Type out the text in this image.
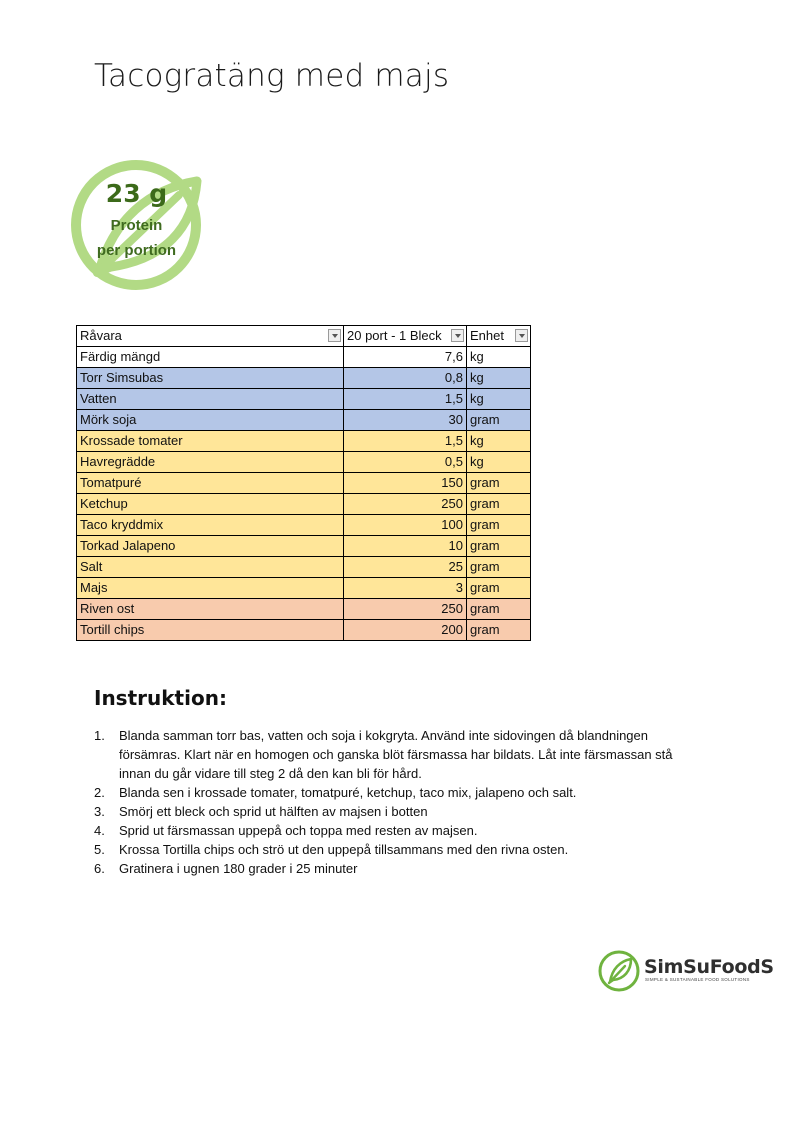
Tacogratäng med majs
23 g
Protein
per portion
Råvara	20 port - 1 Bleck	Enhet

Färdig mängd	7,6	kg
Torr Simsubas	0,8	kg
Vatten	1,5	kg
Mörk soja	30	gram
Krossade tomater	1,5	kg
Havregrädde	0,5	kg
Tomatpuré	150	gram
Ketchup	250	gram
Taco kryddmix	100	gram
Torkad Jalapeno	10	gram
Salt	25	gram
Majs	3	gram
Riven ost	250	gram
Tortill chips	200	gram
Instruktion:

1. Blanda samman torr bas, vatten och soja i kokgryta. Använd inte sidovingen då blandningen försämras. Klart när en homogen och ganska blöt färsmassa har bildats. Låt inte färsmassan stå innan du går vidare till steg 2 då den kan bli för hård.

2. Blanda sen i krossade tomater, tomatpuré, ketchup, taco mix, jalapeno och salt.

3. Smörj ett bleck och sprid ut hälften av majsen i botten

4. Sprid ut färsmassan uppepå och toppa med resten av majsen.

5. Krossa Tortilla chips och strö ut den uppepå tillsammans med den rivna osten.

6. Gratinera i ugnen 180 grader i 25 minuter

SimSuFoodS
SIMPLE & SUSTAINABLE FOOD SOLUTIONS
